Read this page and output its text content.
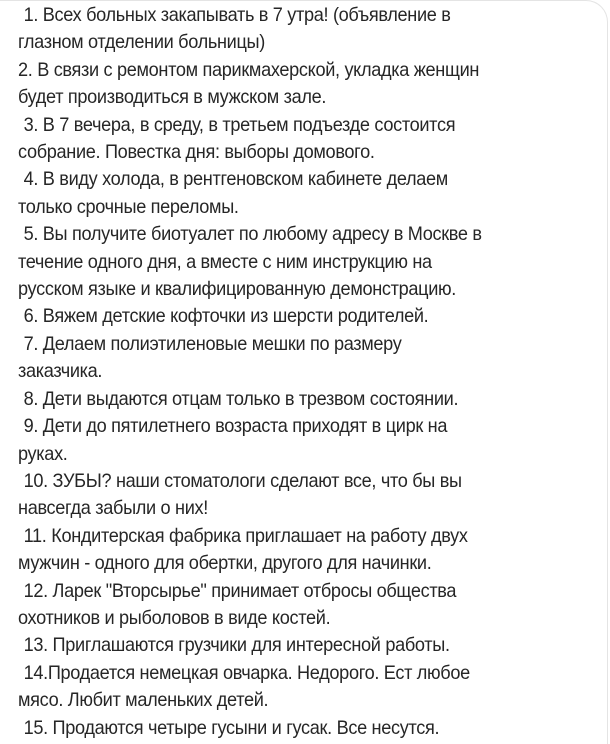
1. Всех больных закапывать в 7 утра! (объявление в
глазном отделении больницы)
2. В связи с ремонтом парикмахерской, укладка женщин
будет производиться в мужском зале.
3. В 7 вечера, в среду, в третьем подъезде состоится
собрание. Повестка дня: выборы домового.
4. В виду холода, в рентгеновском кабинете делаем
только срочные переломы.
5. Вы получите биотуалет по любому адресу в Москве в
течение одного дня, а вместе с ним инструкцию на
русском языке и квалифицированную демонстрацию.
6. Вяжем детские кофточки из шерсти родителей.
7. Делаем полиэтиленовые мешки по размеру
заказчика.
8. Дети выдаются отцам только в трезвом состоянии.
9. Дети до пятилетнего возраста приходят в цирк на
руках.
10. ЗУБЫ? наши стоматологи сделают все, что бы вы
навсегда забыли о них!
11. Кондитерская фабрика приглашает на работу двух
мужчин - одного для обертки, другого для начинки.
12. Ларек "Вторсырье" принимает отбросы общества
охотников и рыболовов в виде костей.
13. Приглашаются грузчики для интересной работы.
14.Продается немецкая овчарка. Недорого. Ест любое
мясо. Любит маленьких детей.
15. Продаются четыре гусыни и гусак. Все несутся.
